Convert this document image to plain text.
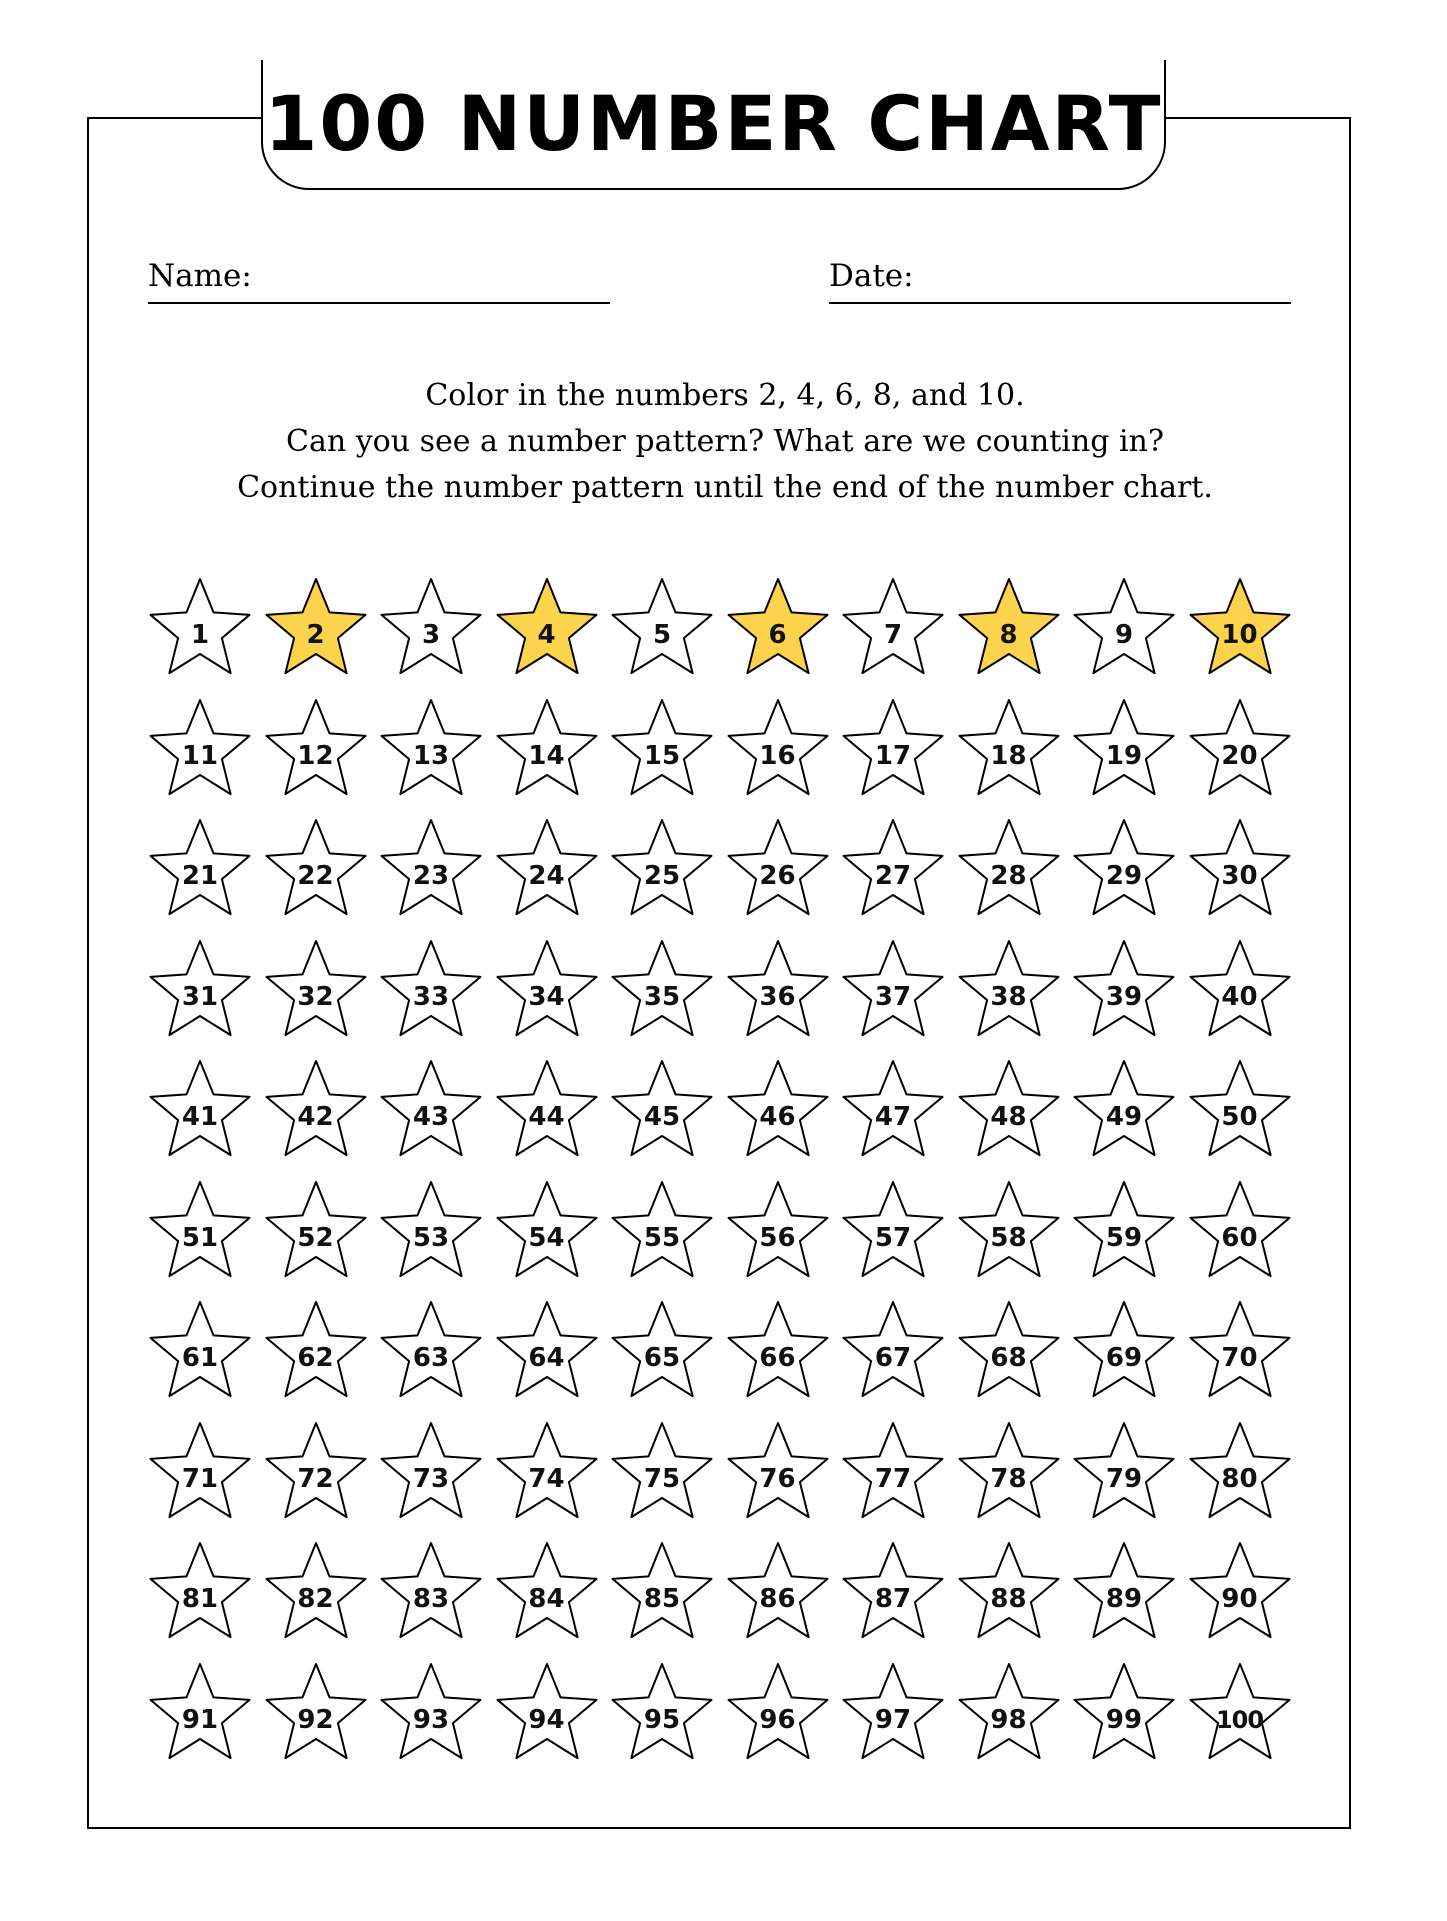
100 NUMBER CHART
Name:	Date:
Color in the numbers 2, 4, 6, 8, and 10.
Can you see a number pattern? What are we counting in?
Continue the number pattern until the end of the number chart.
1	2	3	4	5	6	7	8	9	10
11	12	13	14	15	16	17	18	19	20
21	22	23	24	25	26	27	28	29	30
31	32	33	34	35	36	37	38	39	40
41	42	43	44	45	46	47	48	49	50
51	52	53	54	55	56	57	58	59	60
61	62	63	64	65	66	67	68	69	70
71	72	73	74	75	76	77	78	79	80
81	82	83	84	85	86	87	88	89	90
91	92	93	94	95	96	97	98	99	100
